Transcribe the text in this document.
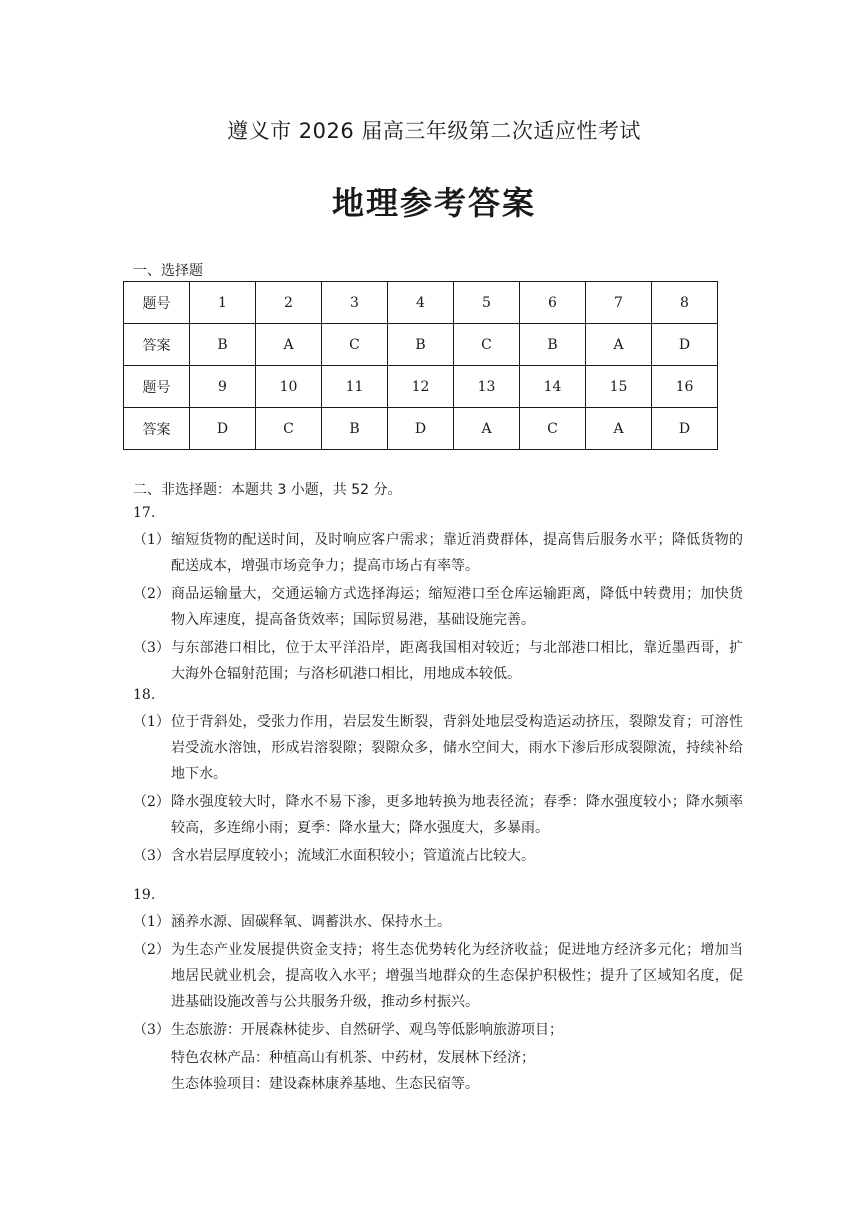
遵义市 2026 届高三年级第二次适应性考试
地理参考答案
一、选择题
题号	1	2	3	4	5	6	7	8
答案	B	A	C	B	C	B	A	D
题号	9	10	11	12	13	14	15	16
答案	D	C	B	D	A	C	A	D
二、非选择题：本题共 3 小题，共 52 分。
17.
（1） 缩短货物的配送时间，及时响应客户需求；靠近消费群体，提高售后服务水平；降低货物的配送成本，增强市场竞争力；提高市场占有率等。
（2） 商品运输量大，交通运输方式选择海运；缩短港口至仓库运输距离，降低中转费用；加快货物入库速度，提高备货效率；国际贸易港，基础设施完善。
（3） 与东部港口相比，位于太平洋沿岸，距离我国相对较近；与北部港口相比，靠近墨西哥，扩大海外仓辐射范围；与洛杉矶港口相比，用地成本较低。
18.
（1） 位于背斜处，受张力作用，岩层发生断裂，背斜处地层受构造运动挤压，裂隙发育；可溶性岩受流水溶蚀，形成岩溶裂隙；裂隙众多，储水空间大，雨水下渗后形成裂隙流，持续补给地下水。
（2） 降水强度较大时，降水不易下渗，更多地转换为地表径流；春季：降水强度较小；降水频率较高，多连绵小雨；夏季：降水量大；降水强度大，多暴雨。
（3） 含水岩层厚度较小；流域汇水面积较小；管道流占比较大。
19.
（1） 涵养水源、固碳释氧、调蓄洪水、保持水土。
（2） 为生态产业发展提供资金支持；将生态优势转化为经济收益；促进地方经济多元化；增加当地居民就业机会，提高收入水平；增强当地群众的生态保护积极性；提升了区域知名度，促进基础设施改善与公共服务升级，推动乡村振兴。
（3） 生态旅游：开展森林徒步、自然研学、观鸟等低影响旅游项目；
特色农林产品：种植高山有机茶、中药材，发展林下经济；
生态体验项目：建设森林康养基地、生态民宿等。
